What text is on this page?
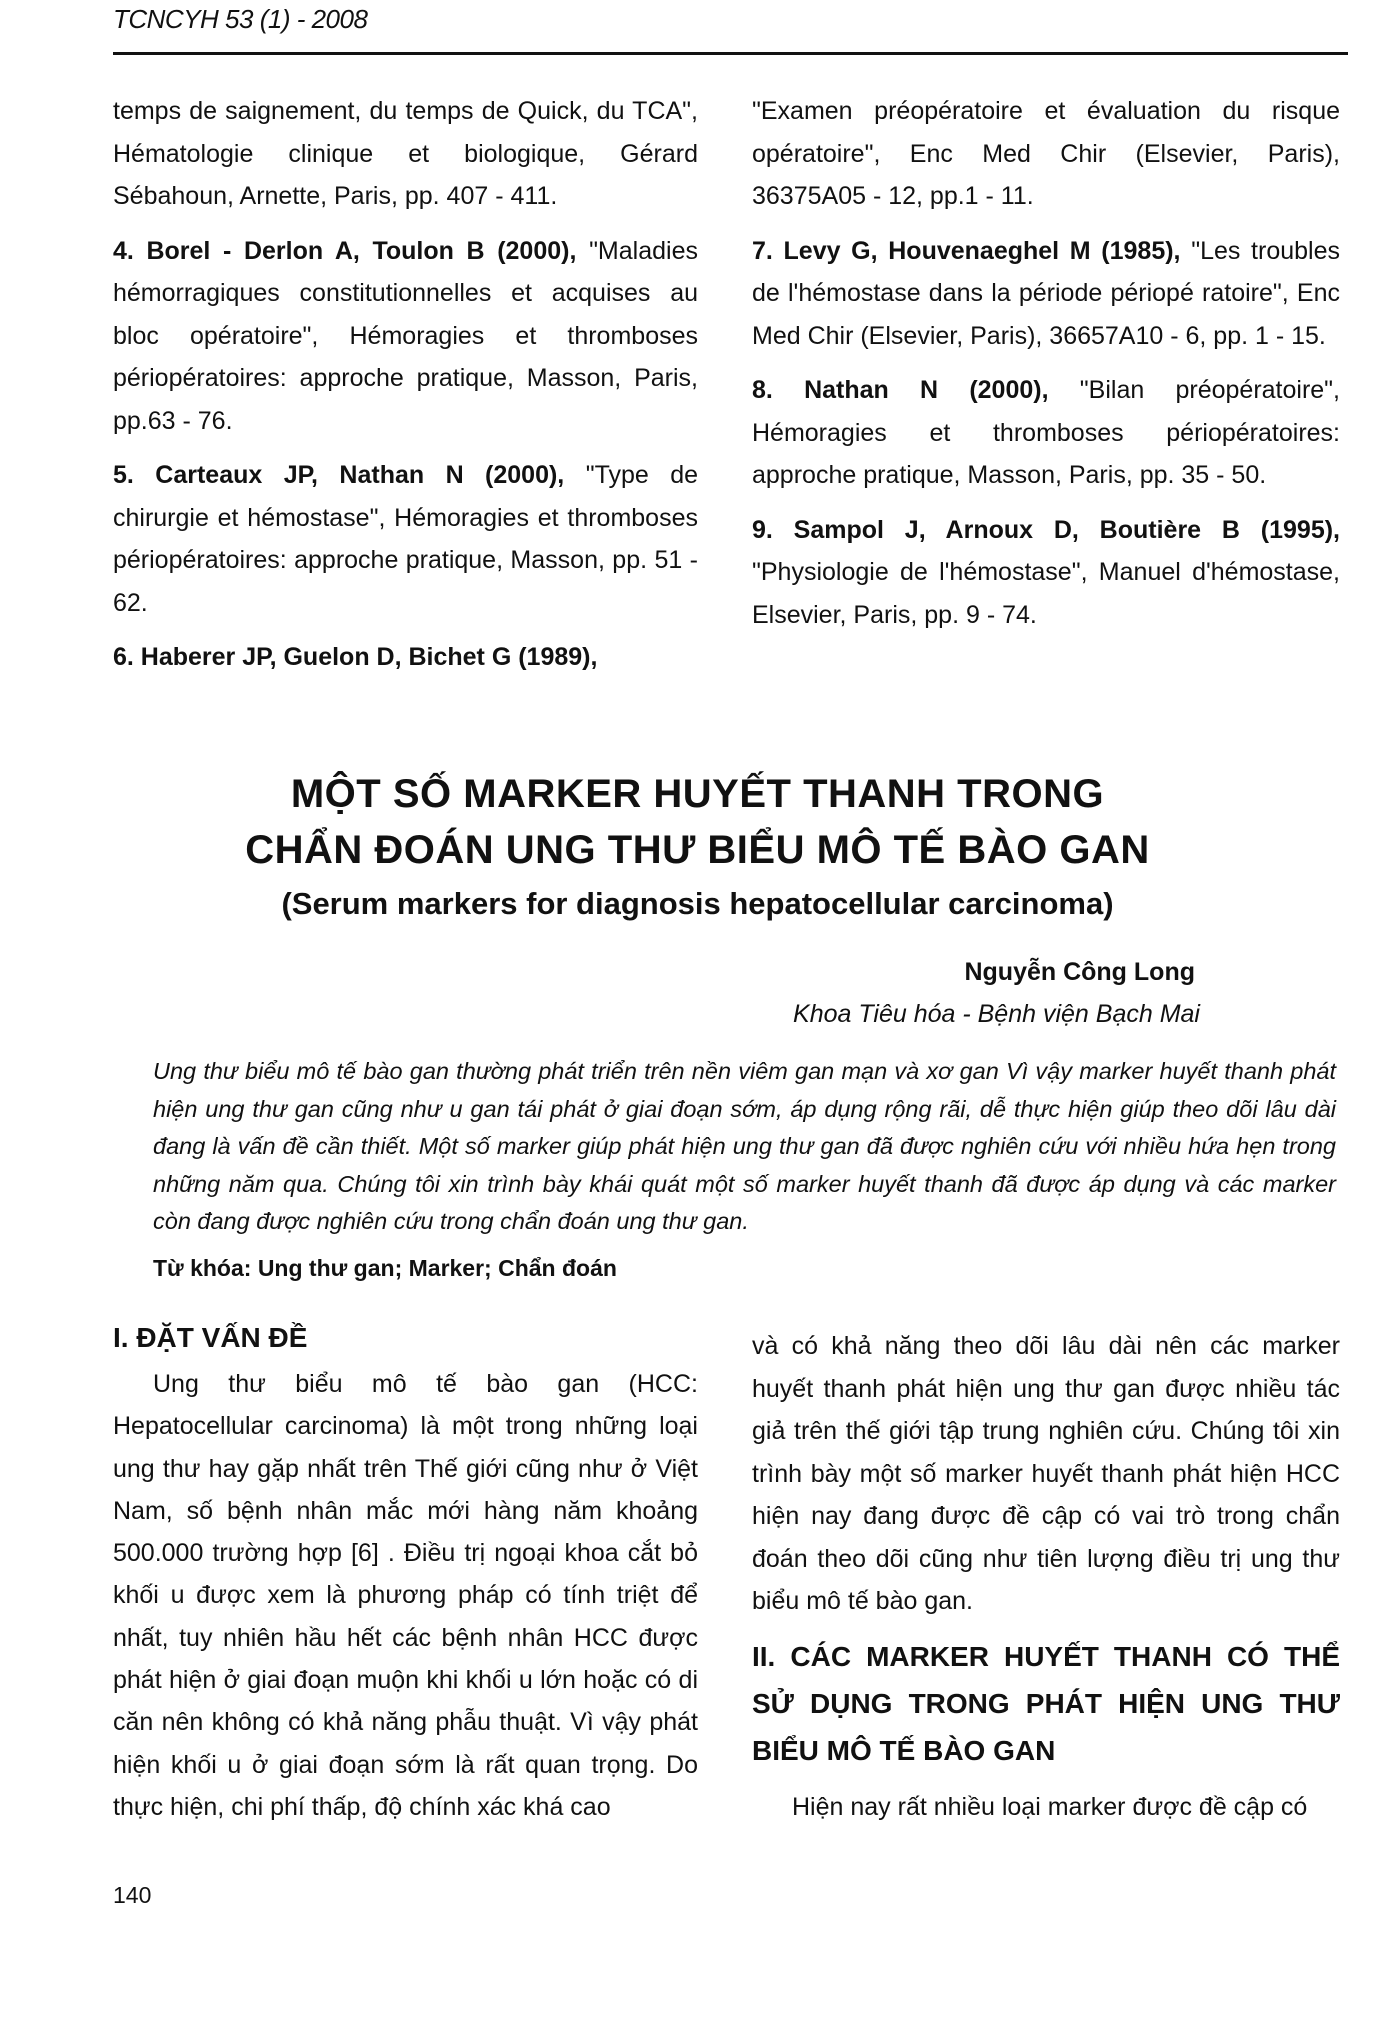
TCNCYH 53 (1) - 2008

temps de saignement, du temps de Quick, du TCA", Hématologie clinique et biologique, Gérard Sébahoun, Arnette, Paris, pp. 407 - 411.

4. Borel - Derlon A, Toulon B (2000), "Maladies hémorragiques constitutionnelles et acquises au bloc opératoire", Hémoragies et thromboses périopératoires: approche pratique, Masson, Paris, pp.63 - 76.

5. Carteaux JP, Nathan N (2000), "Type de chirurgie et hémostase", Hémoragies et thromboses périopératoires: approche pratique, Masson, pp. 51 - 62.

6. Haberer JP, Guelon D, Bichet G (1989),

"Examen préopératoire et évaluation du risque opératoire", Enc Med Chir (Elsevier, Paris), 36375A05 - 12, pp.1 - 11.

7. Levy G, Houvenaeghel M (1985), "Les troubles de l'hémostase dans la période périopé ratoire", Enc Med Chir (Elsevier, Paris), 36657A10 - 6, pp. 1 - 15.

8. Nathan N (2000), "Bilan préopératoire", Hémoragies et thromboses périopératoires: approche pratique, Masson, Paris, pp. 35 - 50.

9. Sampol J, Arnoux D, Boutière B (1995), "Physiologie de l'hémostase", Manuel d'hémostase, Elsevier, Paris, pp. 9 - 74.

MỘT SỐ MARKER HUYẾT THANH TRONG
CHẨN ĐOÁN UNG THƯ BIỂU MÔ TẾ BÀO GAN
(Serum markers for diagnosis hepatocellular carcinoma)
Nguyễn Công Long
Khoa Tiêu hóa - Bệnh viện Bạch Mai
Ung thư biểu mô tế bào gan thường phát triển trên nền viêm gan mạn và xơ gan Vì vậy marker huyết thanh phát hiện ung thư gan cũng như u gan tái phát ở giai đoạn sớm, áp dụng rộng rãi, dễ thực hiện giúp theo dõi lâu dài đang là vấn đề cần thiết. Một số marker giúp phát hiện ung thư gan đã được nghiên cứu với nhiều hứa hẹn trong những năm qua. Chúng tôi xin trình bày khái quát một số marker huyết thanh đã được áp dụng và các marker còn đang được nghiên cứu trong chẩn đoán ung thư gan.
Từ khóa: Ung thư gan; Marker; Chẩn đoán

I. ĐẶT VẤN ĐỀ

Ung thư biểu mô tế bào gan (HCC: Hepatocellular carcinoma) là một trong những loại ung thư hay gặp nhất trên Thế giới cũng như ở Việt Nam, số bệnh nhân mắc mới hàng năm khoảng 500.000 trường hợp [6] . Điều trị ngoại khoa cắt bỏ khối u được xem là phương pháp có tính triệt để nhất, tuy nhiên hầu hết các bệnh nhân HCC được phát hiện ở giai đoạn muộn khi khối u lớn hoặc có di căn nên không có khả năng phẫu thuật. Vì vậy phát hiện khối u ở giai đoạn sớm là rất quan trọng. Do thực hiện, chi phí thấp, độ chính xác khá cao

và có khả năng theo dõi lâu dài nên các marker huyết thanh phát hiện ung thư gan được nhiều tác giả trên thế giới tập trung nghiên cứu. Chúng tôi xin trình bày một số marker huyết thanh phát hiện HCC hiện nay đang được đề cập có vai trò trong chẩn đoán theo dõi cũng như tiên lượng điều trị ung thư biểu mô tế bào gan.

II. CÁC MARKER HUYẾT THANH CÓ THỂ SỬ DỤNG TRONG PHÁT HIỆN UNG THƯ BIỂU MÔ TẾ BÀO GAN

Hiện nay rất nhiều loại marker được đề cập có

140
